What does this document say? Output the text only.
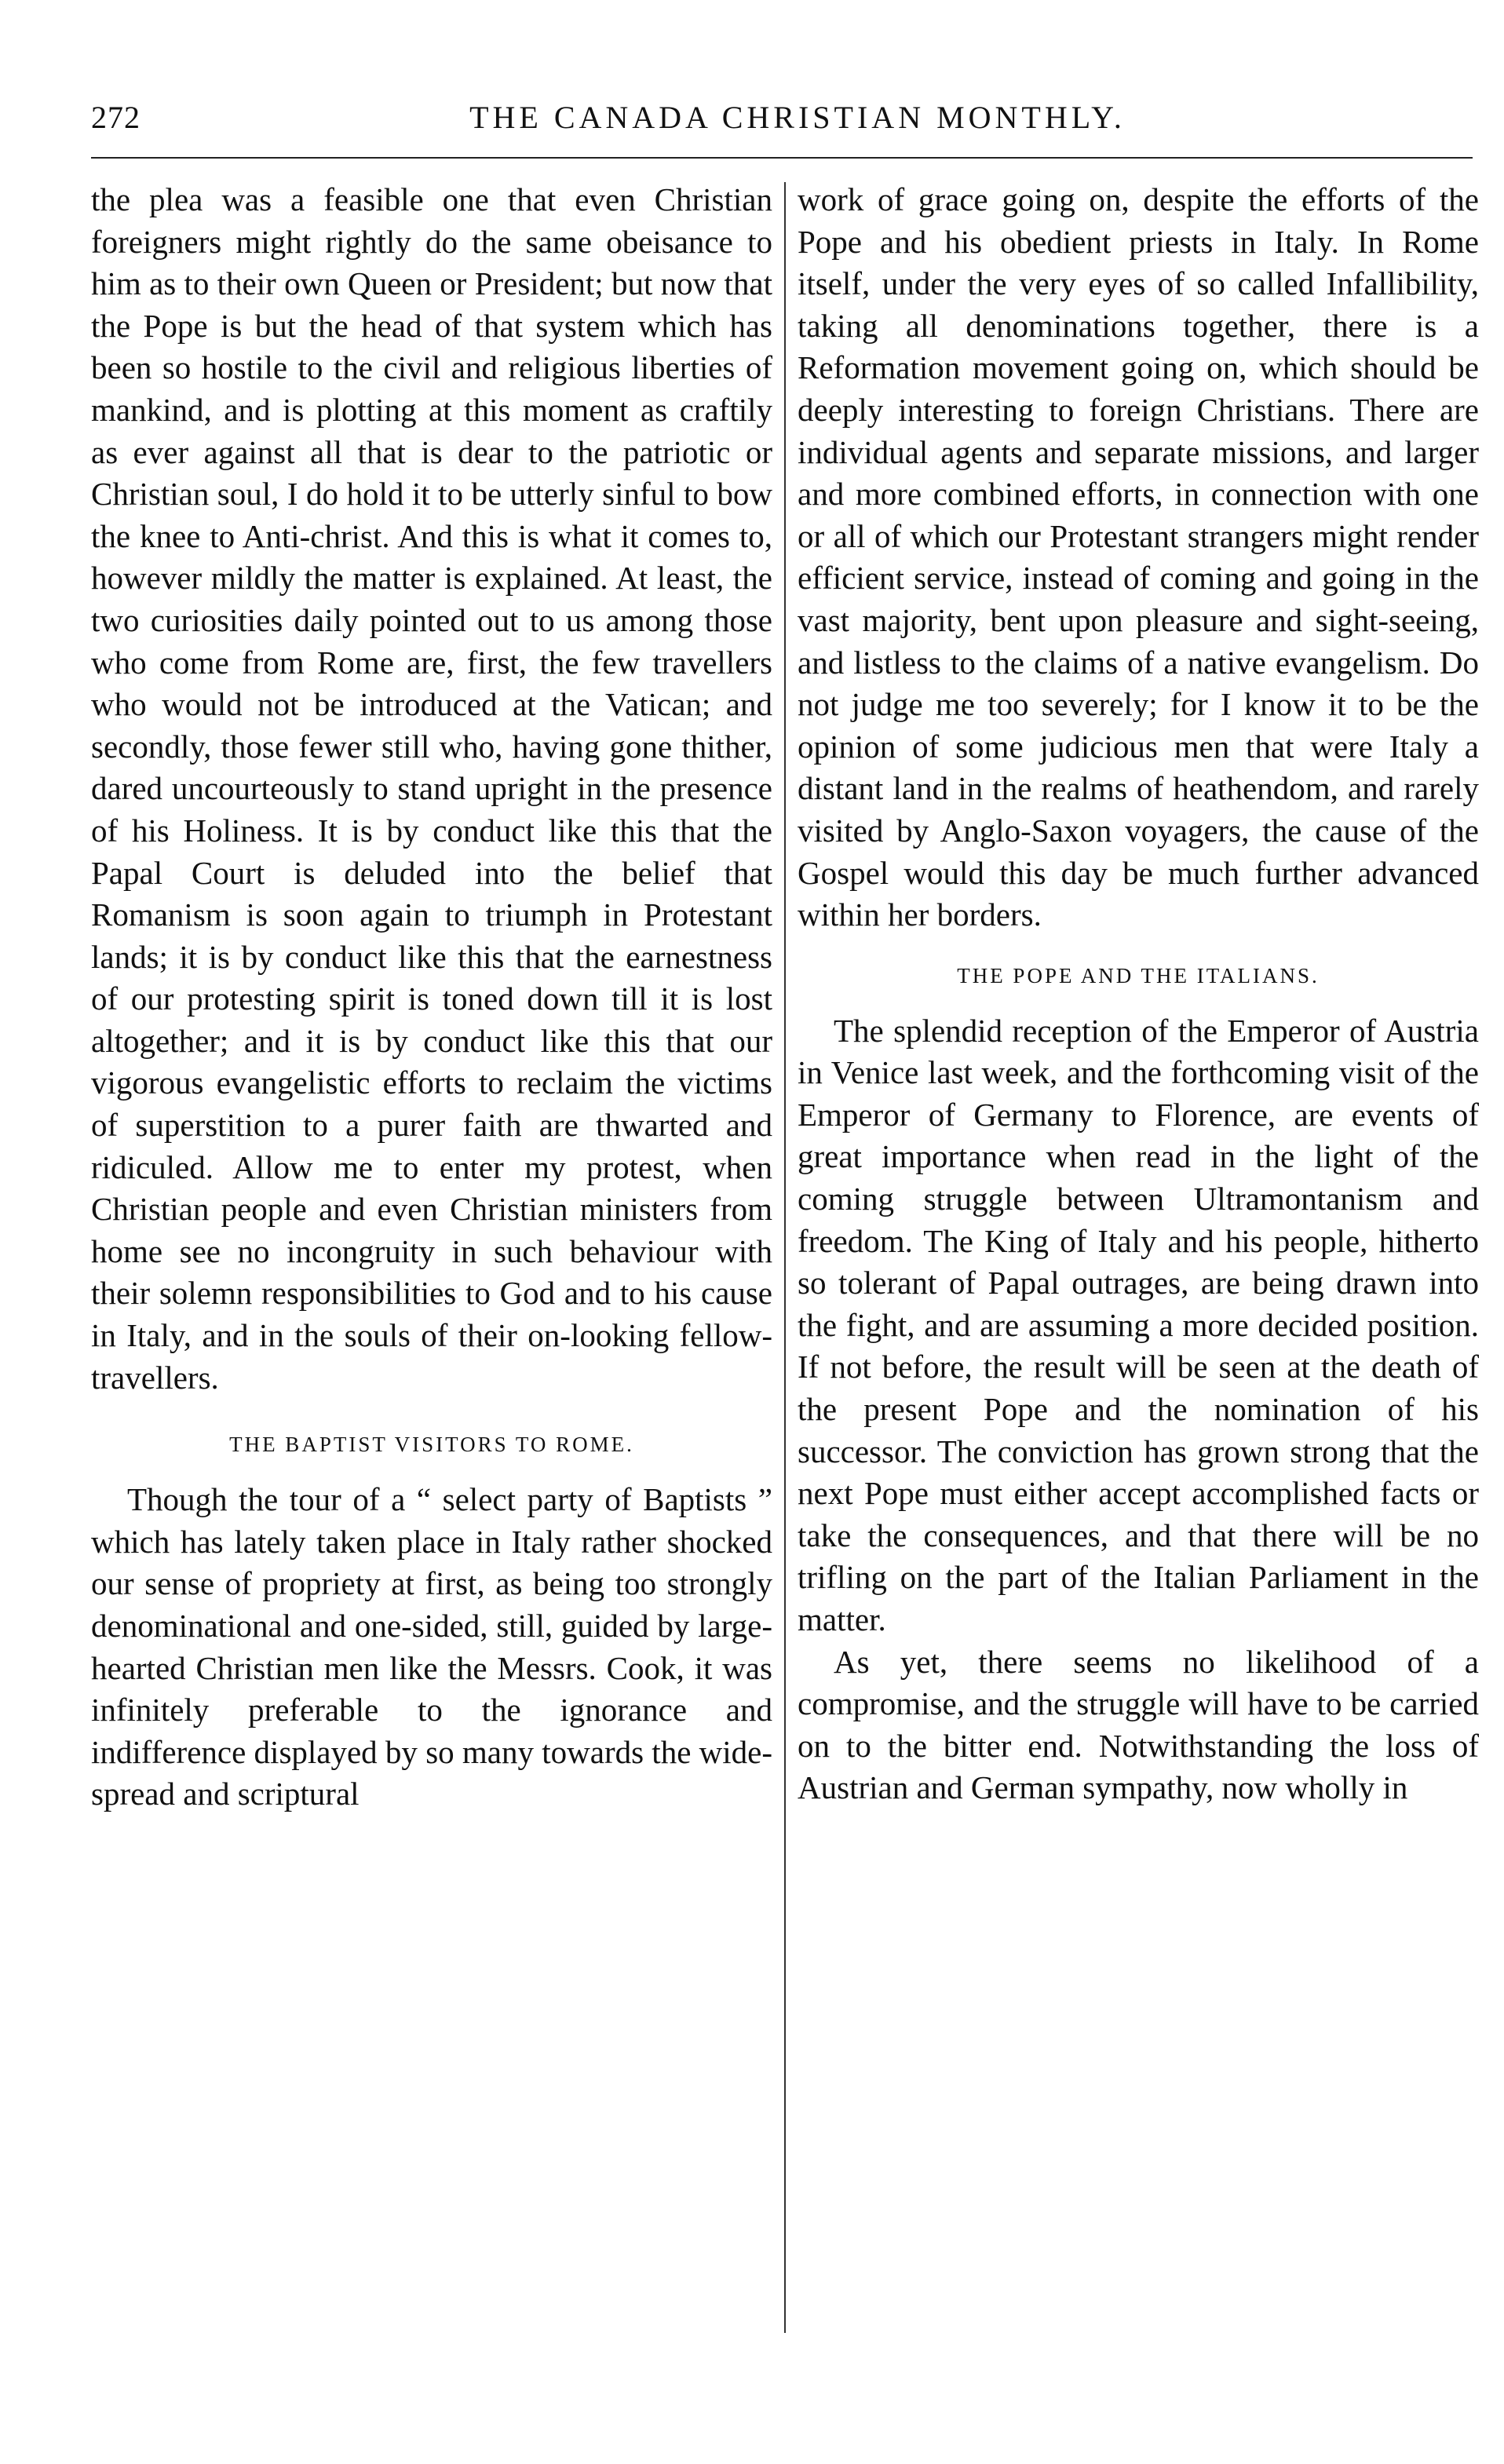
272	THE CANADA CHRISTIAN MONTHLY.

the plea was a feasible one that even Christian foreigners might rightly do the same obeisance to him as to their own Queen or President; but now that the Pope is but the head of that system which has been so hostile to the civil and religious liberties of mankind, and is plotting at this moment as craftily as ever against all that is dear to the patriotic or Christian soul, I do hold it to be utterly sinful to bow the knee to Anti-christ. And this is what it comes to, however mildly the matter is explained. At least, the two curiosities daily pointed out to us among those who come from Rome are, first, the few travellers who would not be introduced at the Vatican; and secondly, those fewer still who, having gone thither, dared uncourteously to stand upright in the presence of his Holiness. It is by conduct like this that the Papal Court is deluded into the belief that Romanism is soon again to triumph in Protestant lands; it is by conduct like this that the earnestness of our protesting spirit is toned down till it is lost altogether; and it is by conduct like this that our vigorous evangelistic efforts to reclaim the victims of superstition to a purer faith are thwarted and ridiculed. Allow me to enter my protest, when Christian people and even Christian ministers from home see no incongruity in such behaviour with their solemn responsibilities to God and to his cause in Italy, and in the souls of their on-looking fellow-travellers.

THE BAPTIST VISITORS TO ROME.

Though the tour of a “ select party of Baptists ” which has lately taken place in Italy rather shocked our sense of propriety at first, as being too strongly denominational and one-sided, still, guided by large-hearted Christian men like the Messrs. Cook, it was infinitely preferable to the ignorance and indifference displayed by so many towards the wide-spread and scriptural

work of grace going on, despite the efforts of the Pope and his obedient priests in Italy. In Rome itself, under the very eyes of so called Infallibility, taking all denominations together, there is a Reformation movement going on, which should be deeply interesting to foreign Christians. There are individual agents and separate missions, and larger and more combined efforts, in connection with one or all of which our Protestant strangers might render efficient service, instead of coming and going in the vast majority, bent upon pleasure and sight-seeing, and listless to the claims of a native evangelism. Do not judge me too severely; for I know it to be the opinion of some judicious men that were Italy a distant land in the realms of heathendom, and rarely visited by Anglo-Saxon voyagers, the cause of the Gospel would this day be much further advanced within her borders.

THE POPE AND THE ITALIANS.

The splendid reception of the Emperor of Austria in Venice last week, and the forthcoming visit of the Emperor of Germany to Florence, are events of great importance when read in the light of the coming struggle between Ultramontanism and freedom. The King of Italy and his people, hitherto so tolerant of Papal outrages, are being drawn into the fight, and are assuming a more decided position. If not before, the result will be seen at the death of the present Pope and the nomination of his successor. The conviction has grown strong that the next Pope must either accept accomplished facts or take the consequences, and that there will be no trifling on the part of the Italian Parliament in the matter.

As yet, there seems no likelihood of a compromise, and the struggle will have to be carried on to the bitter end. Notwithstanding the loss of Austrian and German sympathy, now wholly in
